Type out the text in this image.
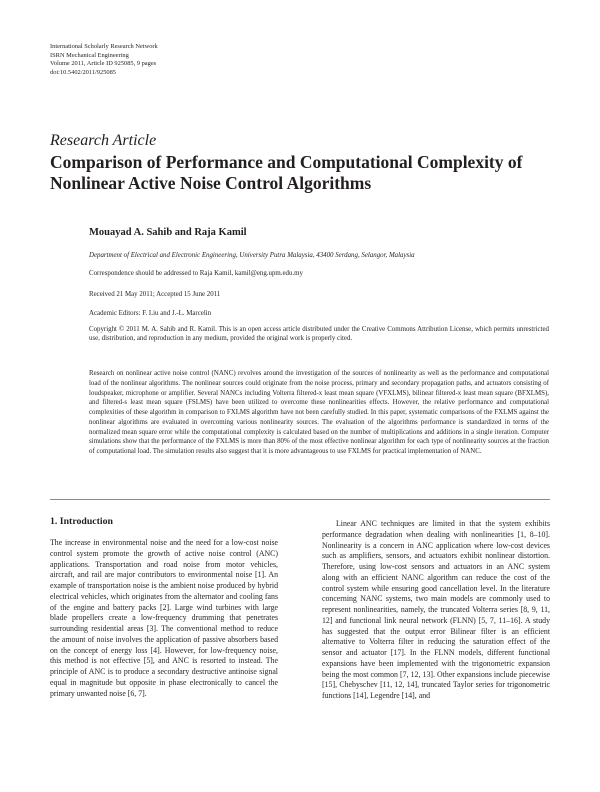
International Scholarly Research Network
ISRN Mechanical Engineering
Volume 2011, Article ID 925085, 9 pages
doi:10.5402/2011/925085
Research Article
Comparison of Performance and Computational Complexity of Nonlinear Active Noise Control Algorithms
Mouayad A. Sahib and Raja Kamil
Department of Electrical and Electronic Engineering, University Putra Malaysia, 43400 Serdang, Selangor, Malaysia
Correspondence should be addressed to Raja Kamil, kamil@eng.upm.edu.my
Received 21 May 2011; Accepted 15 June 2011
Academic Editors: F. Liu and J.-L. Marcelin
Copyright © 2011 M. A. Sahib and R. Kamil. This is an open access article distributed under the Creative Commons Attribution License, which permits unrestricted use, distribution, and reproduction in any medium, provided the original work is properly cited.

Research on nonlinear active noise control (NANC) revolves around the investigation of the sources of nonlinearity as well as the performance and computational load of the nonlinear algorithms. The nonlinear sources could originate from the noise process, primary and secondary propagation paths, and actuators consisting of loudspeaker, microphone or amplifier. Several NANCs including Volterra filtered-x least mean square (VFXLMS), bilinear filtered-x least mean square (BFXLMS), and filtered-s least mean square (FSLMS) have been utilized to overcome these nonlinearities effects. However, the relative performance and computational complexities of these algorithm in comparison to FXLMS algorithm have not been carefully studied. In this paper, systematic comparisons of the FXLMS against the nonlinear algorithms are evaluated in overcoming various nonlinearity sources. The evaluation of the algorithms performance is standardized in terms of the normalized mean square error while the computational complexity is calculated based on the number of multiplications and additions in a single iteration. Computer simulations show that the performance of the FXLMS is more than 80% of the most effective nonlinear algorithm for each type of nonlinearity sources at the fraction of computational load. The simulation results also suggest that it is more advantageous to use FXLMS for practical implementation of NANC.

1. Introduction

The increase in environmental noise and the need for a low-cost noise control system promote the growth of active noise control (ANC) applications. Transportation and road noise from motor vehicles, aircraft, and rail are major contributors to environmental noise [1]. An example of transportation noise is the ambient noise produced by hybrid electrical vehicles, which originates from the alternator and cooling fans of the engine and battery packs [2]. Large wind turbines with large blade propellers create a low-frequency drumming that penetrates surrounding residential areas [3]. The conventional method to reduce the amount of noise involves the application of passive absorbers based on the concept of energy loss [4]. However, for low-frequency noise, this method is not effective [5], and ANC is resorted to instead. The principle of ANC is to produce a secondary destructive antinoise signal equal in magnitude but opposite in phase electronically to cancel the primary unwanted noise [6, 7].

Linear ANC techniques are limited in that the system exhibits performance degradation when dealing with nonlinearities [1, 8–10]. Nonlinearity is a concern in ANC application where low-cost devices such as amplifiers, sensors, and actuators exhibit nonlinear distortion. Therefore, using low-cost sensors and actuators in an ANC system along with an efficient NANC algorithm can reduce the cost of the control system while ensuring good cancellation level. In the literature concerning NANC systems, two main models are commonly used to represent nonlinearities, namely, the truncated Volterra series [8, 9, 11, 12] and functional link neural network (FLNN) [5, 7, 11–16]. A study has suggested that the output error Bilinear filter is an efficient alternative to Volterra filter in reducing the saturation effect of the sensor and actuator [17]. In the FLNN models, different functional expansions have been implemented with the trigonometric expansion being the most common [7, 12, 13]. Other expansions include piecewise [15], Chebyschev [11, 12, 14], truncated Taylor series for trigonometric functions [14], Legendre [14], and
